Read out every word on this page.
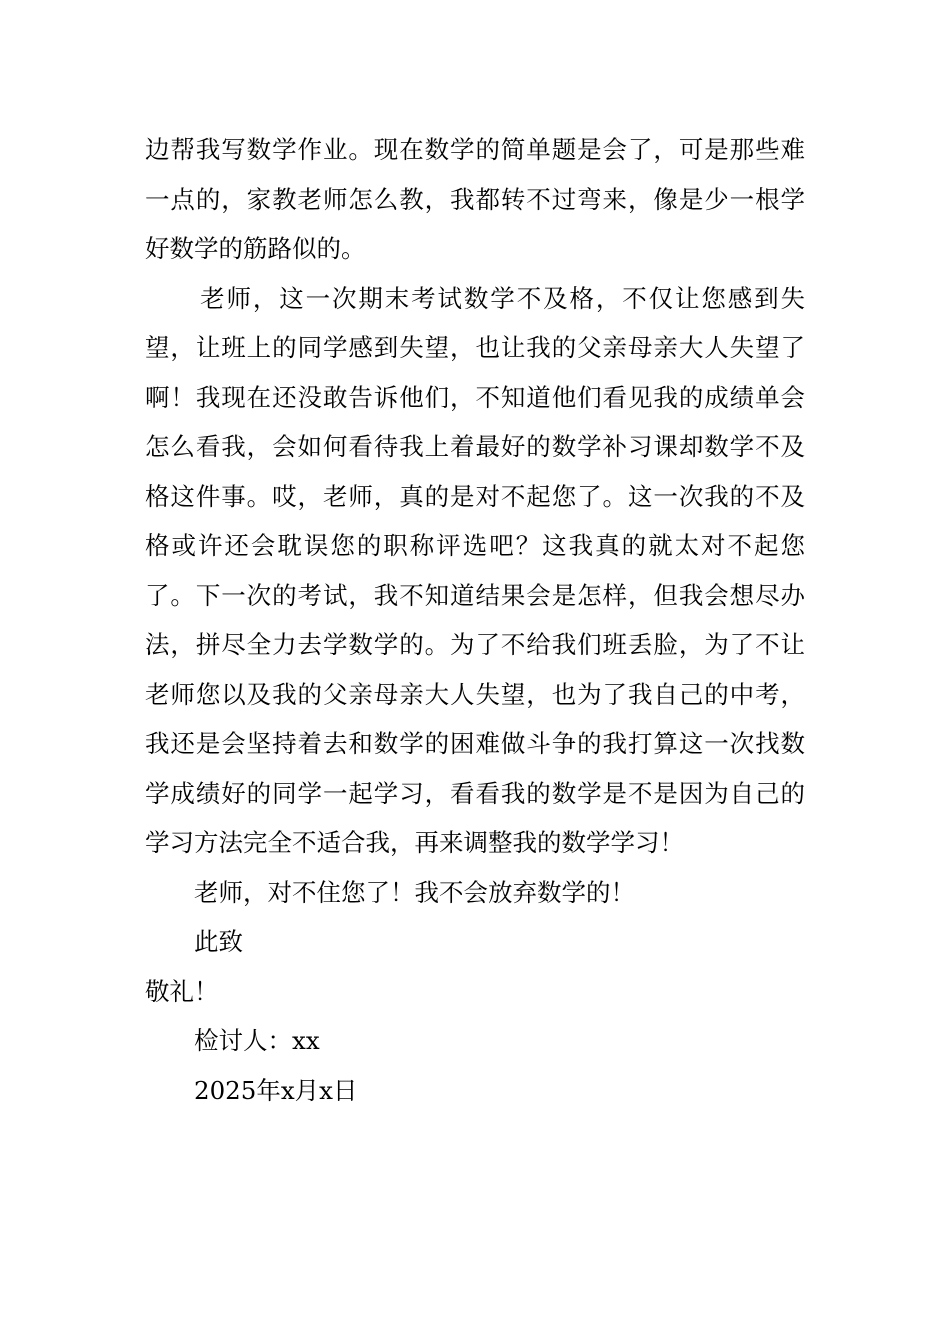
边帮我写数学作业。现在数学的简单题是会了，可是那些难一点的，家教老师怎么教，我都转不过弯来，像是少一根学好数学的筋路似的。

老师，这一次期末考试数学不及格，不仅让您感到失望，让班上的同学感到失望，也让我的父亲母亲大人失望了啊！我现在还没敢告诉他们，不知道他们看见我的成绩单会怎么看我，会如何看待我上着最好的数学补习课却数学不及格这件事。哎，老师，真的是对不起您了。这一次我的不及格或许还会耽误您的职称评选吧？这我真的就太对不起您了。下一次的考试，我不知道结果会是怎样，但我会想尽办法，拼尽全力去学数学的。为了不给我们班丢脸，为了不让老师您以及我的父亲母亲大人失望，也为了我自己的中考，我还是会坚持着去和数学的困难做斗争的我打算这一次找数学成绩好的同学一起学习，看看我的数学是不是因为自己的学习方法完全不适合我，再来调整我的数学学习！

老师，对不住您了！我不会放弃数学的！

此致

敬礼！

检讨人：xx

2025年x月x日
